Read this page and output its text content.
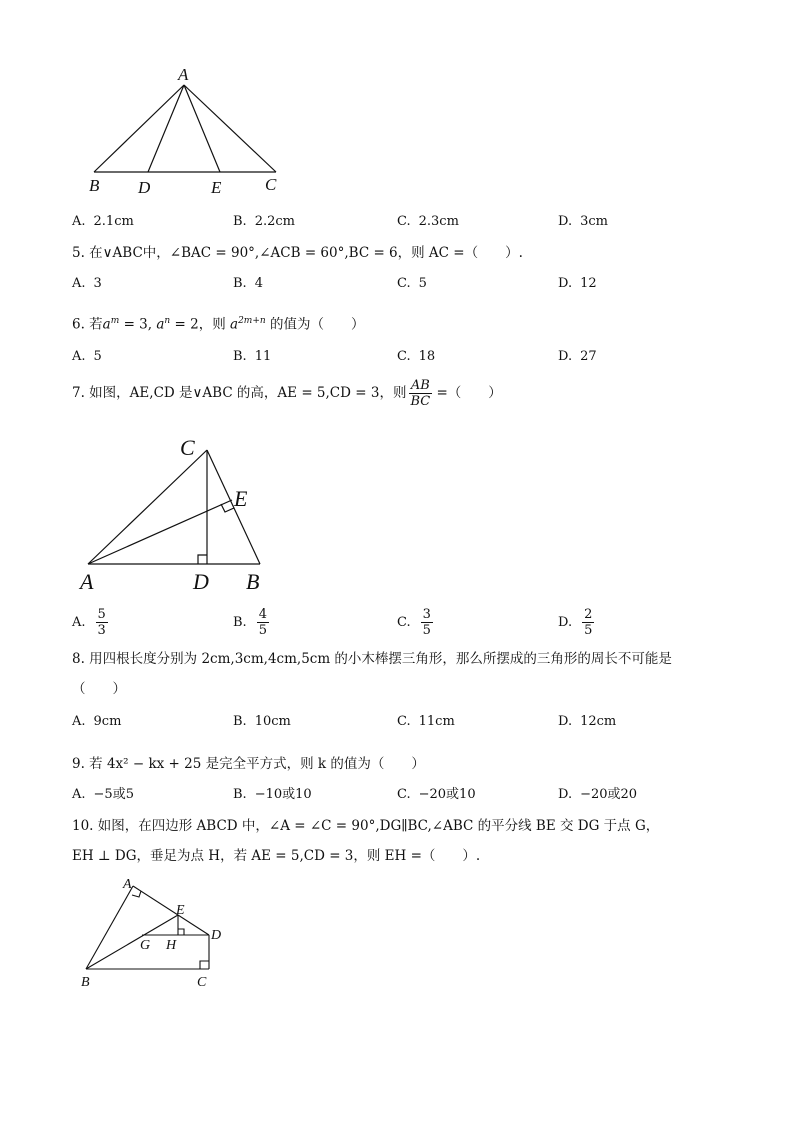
A
B D	E	C
A. 2.1cm	B. 2.2cm	C. 2.3cm	D. 3cm
5. 在∨ABC中，∠BAC = 90°,∠ACB = 60°,BC = 6，则 AC =（　　）.
A. 3	B. 4	C. 5	D. 12
6. 若$a^m = 3$, $a^n = 2$，则 $a^{2m+n}$ 的值为（　　）
A. 5	B. 11	C. 18	D. 27
7. 如图，AE,CD 是∨ABC 的高，AE = 5,CD = 3，则 $\frac{AB}{BC}$ =（　　）
C
E
A	D B
A. $\frac{5}{3}$	B. $\frac{4}{5}$	C. $\frac{3}{5}$	D. $\frac{2}{5}$
8. 用四根长度分别为 2cm,3cm,4cm,5cm 的小木棒摆三角形，那么所摆成的三角形的周长不可能是
（　　）
A. 9cm	B. 10cm	C. 11cm	D. 12cm
9. 若 4x² − kx + 25 是完全平方式，则 k 的值为（　　）
A. −5或5	B. −10或10	C. −20或10	D. −20或20
10. 如图，在四边形 ABCD 中，∠A = ∠C = 90°,DG∥BC,∠ABC 的平分线 BE 交 DG 于点 G，
EH ⊥ DG，垂足为点 H，若 AE = 5,CD = 3，则 EH =（　　）.
A
E
D
G H
B	C
